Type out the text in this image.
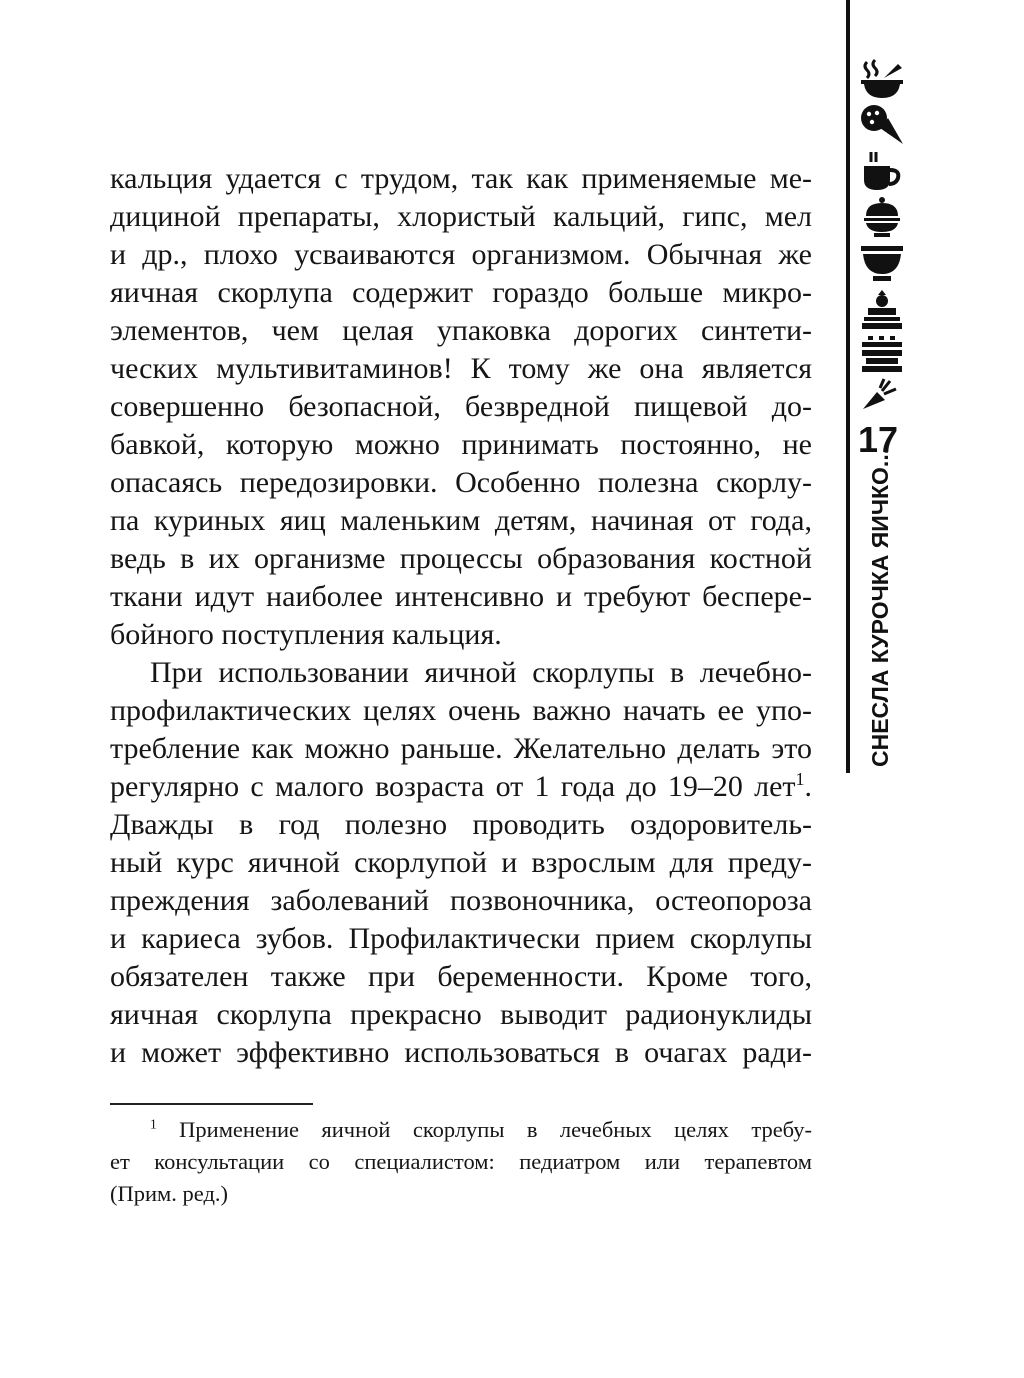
17
СНЕСЛА КУРОЧКА ЯИЧКО...
кальция удается с трудом, так как применяемые ме-
дициной препараты, хлористый кальций, гипс, мел
и др., плохо усваиваются организмом. Обычная же
яичная скорлупа содержит гораздо больше микро-
элементов, чем целая упаковка дорогих синтети-
ческих мультивитаминов! К тому же она является
совершенно безопасной, безвредной пищевой до-
бавкой, которую можно принимать постоянно, не
опасаясь передозировки. Особенно полезна скорлу-
па куриных яиц маленьким детям, начиная от года,
ведь в их организме процессы образования костной
ткани идут наиболее интенсивно и требуют беспере-
бойного поступления кальция.
При использовании яичной скорлупы в лечебно-
профилактических целях очень важно начать ее упо-
требление как можно раньше. Желательно делать это
регулярно с малого возраста от 1 года до 19–20 лет$^1$.
Дважды в год полезно проводить оздоровитель-
ный курс яичной скорлупой и взрослым для преду-
преждения заболеваний позвоночника, остеопороза
и кариеса зубов. Профилактически прием скорлупы
обязателен также при беременности. Кроме того,
яичная скорлупа прекрасно выводит радионуклиды
и может эффективно использоваться в очагах ради-
$^1$ Применение яичной скорлупы в лечебных целях требу-
ет консультации со специалистом: педиатром или терапевтом
(Прим. ред.)
